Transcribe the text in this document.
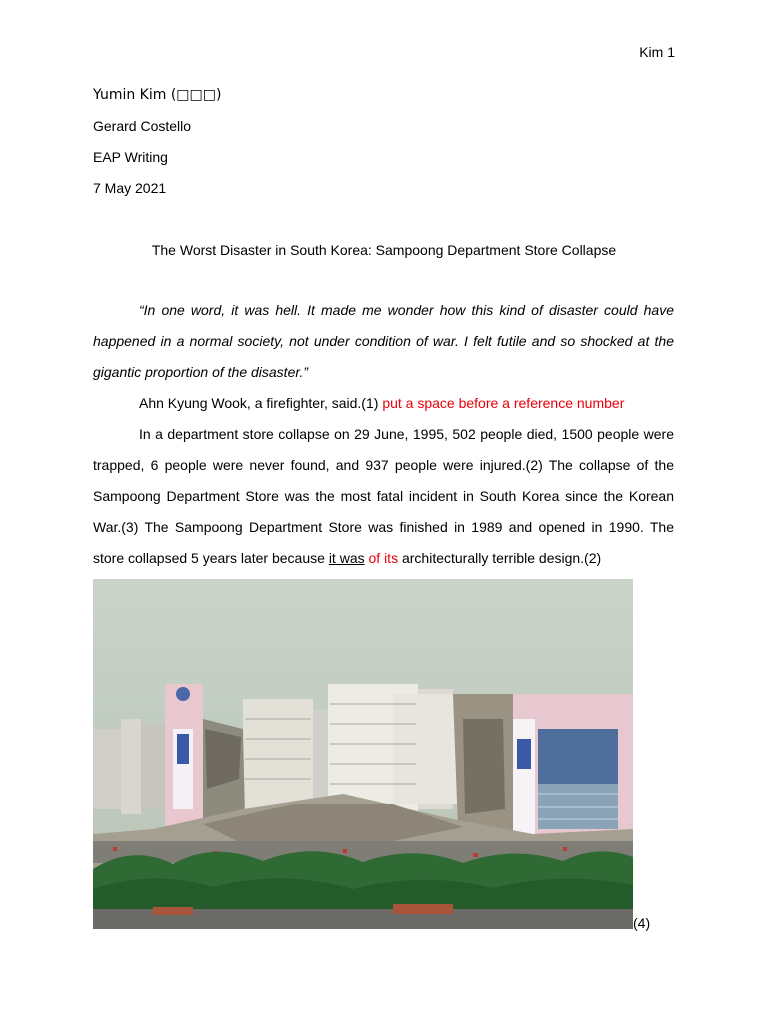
Kim 1
Yumin Kim (□□□)
Gerard Costello
EAP Writing
7 May 2021
The Worst Disaster in South Korea: Sampoong Department Store Collapse

“In one word, it was hell. It made me wonder how this kind of disaster could have happened in a normal society, not under condition of war. I felt futile and so shocked at the gigantic proportion of the disaster.”

Ahn Kyung Wook, a firefighter, said.(1) put a space before a reference number

In a department store collapse on 29 June, 1995, 502 people died, 1500 people were trapped, 6 people were never found, and 937 people were injured.(2) The collapse of the Sampoong Department Store was the most fatal incident in South Korea since the Korean War.(3) The Sampoong Department Store was finished in 1989 and opened in 1990. The store collapsed 5 years later because it was of its architecturally terrible design.(2)

(4)
